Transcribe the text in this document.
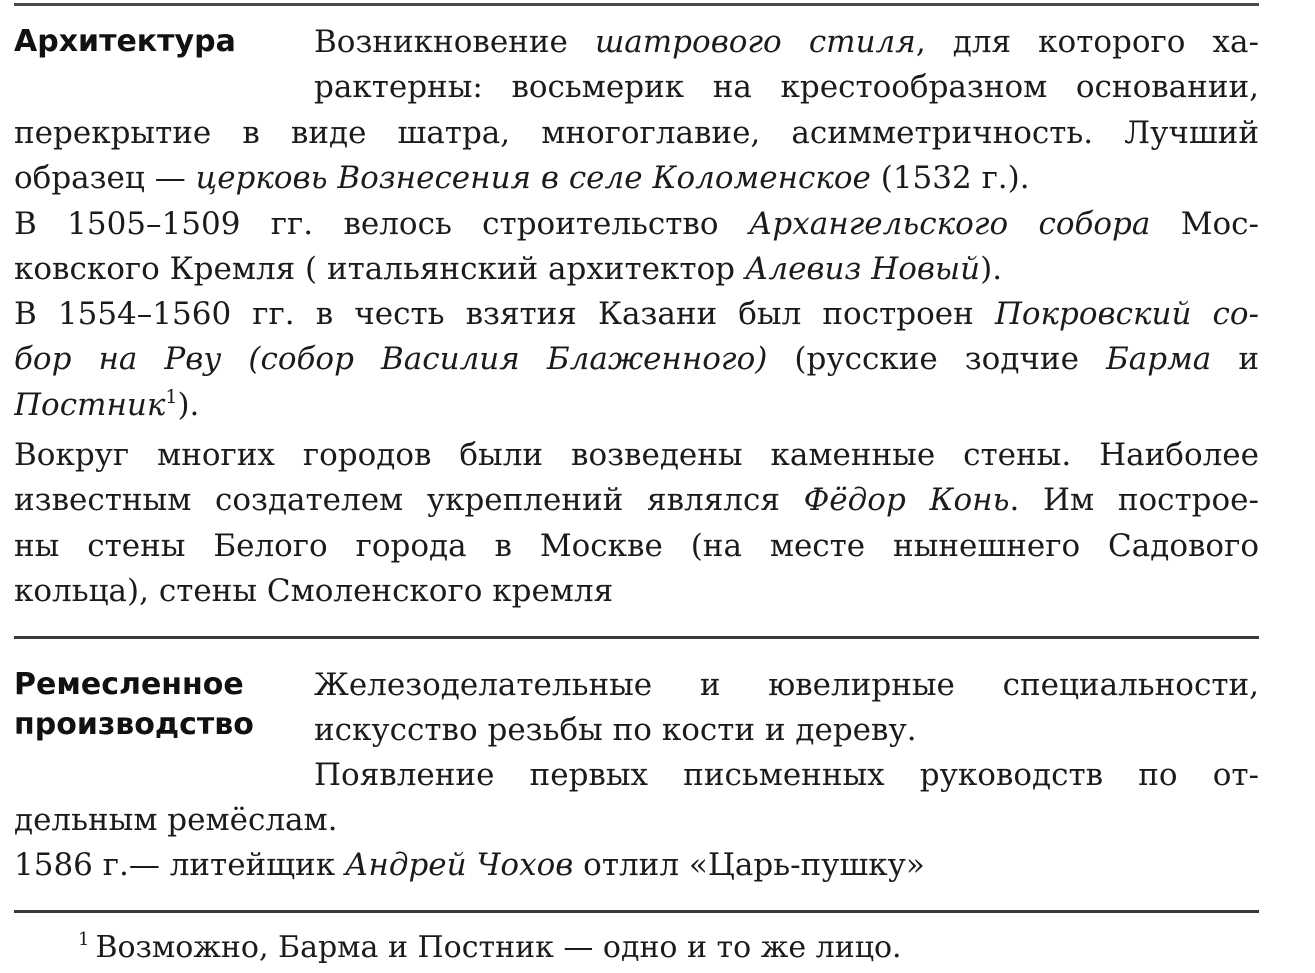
Архитектура	Возникновение шатрового стиля, для которого ха-
рактерны: восьмерик на крестообразном основании,
перекрытие в виде шатра, многоглавие, асимметричность. Лучший
образец — церковь Вознесения в селе Коломенское (1532 г.).
В 1505–1509 гг. велось строительство Архангельского собора Мос-
ковского Кремля ( итальянский архитектор Алевиз Новый).
В 1554–1560 гг. в честь взятия Казани был построен Покровский со-
бор на Рву (собор Василия Блаженного) (русские зодчие Барма и
Постник$^1$).
Вокруг многих городов были возведены каменные стены. Наиболее
известным создателем укреплений являлся Фёдор Конь. Им построе-
ны стены Белого города в Москве (на месте нынешнего Садового
кольца), стены Смоленского кремля
Ремесленное
производство
Железоделательные и ювелирные специальности,
искусство резьбы по кости и дереву.
Появление первых письменных руководств по от-
дельным ремёслам.
1586 г.— литейщик Андрей Чохов отлил «Царь-пушку»
$^1$ Возможно, Барма и Постник — одно и то же лицо.
